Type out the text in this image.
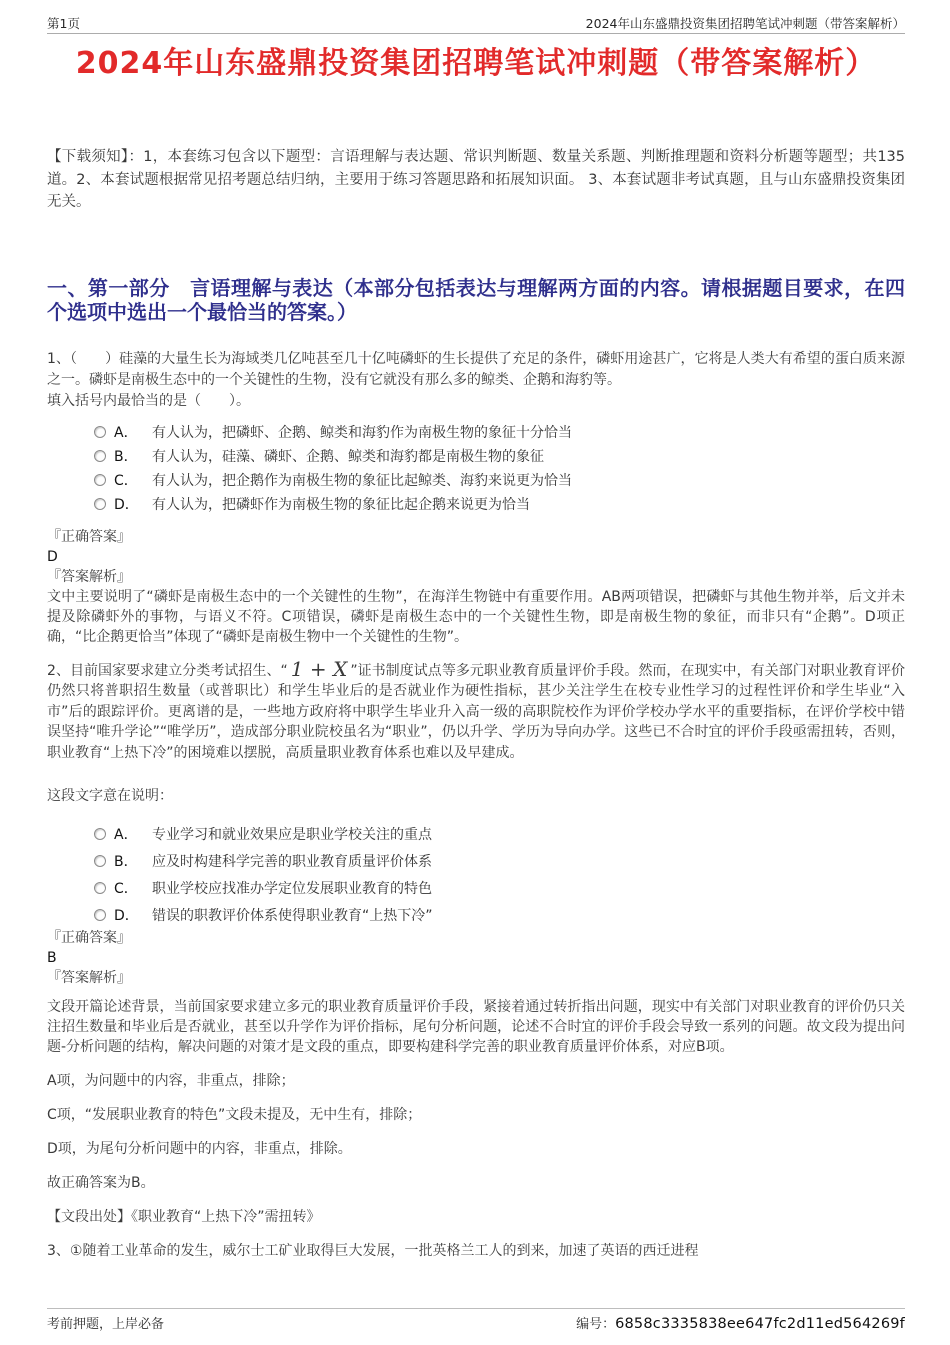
第1页	2024年山东盛鼎投资集团招聘笔试冲刺题（带答案解析）
2024年山东盛鼎投资集团招聘笔试冲刺题（带答案解析）

【下载须知】：1，本套练习包含以下题型：言语理解与表达题、常识判断题、数量关系题、判断推理题和资料分析题等题型；共135道。2、本套试题根据常见招考题总结归纳，主要用于练习答题思路和拓展知识面。 3、本套试题非考试真题，且与山东盛鼎投资集团无关。

一、第一部分　言语理解与表达（本部分包括表达与理解两方面的内容。请根据题目要求，在四个选项中选出一个最恰当的答案。）

1、（　　）硅藻的大量生长为海域类几亿吨甚至几十亿吨磷虾的生长提供了充足的条件，磷虾用途甚广，它将是人类大有希望的蛋白质来源之一。磷虾是南极生态中的一个关键性的生物，没有它就没有那么多的鲸类、企鹅和海豹等。

填入括号内最恰当的是（　　）。

A．	有人认为，把磷虾、企鹅、鲸类和海豹作为南极生物的象征十分恰当
B．	有人认为，硅藻、磷虾、企鹅、鲸类和海豹都是南极生物的象征
C．	有人认为，把企鹅作为南极生物的象征比起鲸类、海豹来说更为恰当
D． 有人认为，把磷虾作为南极生物的象征比起企鹅来说更为恰当

『正确答案』

D

『答案解析』

文中主要说明了“磷虾是南极生态中的一个关键性的生物”，在海洋生物链中有重要作用。AB两项错误，把磷虾与其他生物并举，后文并未提及除磷虾外的事物，与语义不符。C项错误，磷虾是南极生态中的一个关键性生物，即是南极生物的象征，而非只有“企鹅”。D项正确，“比企鹅更恰当”体现了“磷虾是南极生物中一个关键性的生物”。

2、目前国家要求建立分类考试招生、“ 1 + X ”证书制度试点等多元职业教育质量评价手段。然而，在现实中，有关部门对职业教育评价仍然只将普职招生数量（或普职比）和学生毕业后的是否就业作为硬性指标，甚少关注学生在校专业性学习的过程性评价和学生毕业“入市”后的跟踪评价。更离谱的是，一些地方政府将中职学生毕业升入高一级的高职院校作为评价学校办学水平的重要指标，在评价学校中错误坚持“唯升学论”“唯学历”，造成部分职业院校虽名为“职业”，仍以升学、学历为导向办学。这些已不合时宜的评价手段亟需扭转，否则，职业教育“上热下冷”的困境难以摆脱，高质量职业教育体系也难以及早建成。

这段文字意在说明：

A．	专业学习和就业效果应是职业学校关注的重点
B．	应及时构建科学完善的职业教育质量评价体系
C．	职业学校应找准办学定位发展职业教育的特色
D． 错误的职教评价体系使得职业教育“上热下冷”

『正确答案』

B

『答案解析』

文段开篇论述背景，当前国家要求建立多元的职业教育质量评价手段，紧接着通过转折指出问题，现实中有关部门对职业教育的评价仍只关注招生数量和毕业后是否就业，甚至以升学作为评价指标，尾句分析问题，论述不合时宜的评价手段会导致一系列的问题。故文段为提出问题-分析问题的结构，解决问题的对策才是文段的重点，即要构建科学完善的职业教育质量评价体系，对应B项。

A项，为问题中的内容，非重点，排除；

C项，“发展职业教育的特色”文段未提及，无中生有，排除；

D项，为尾句分析问题中的内容，非重点，排除。

故正确答案为B。

【文段出处】《职业教育“上热下冷”需扭转》

3、①随着工业革命的发生，威尔士工矿业取得巨大发展，一批英格兰工人的到来，加速了英语的西迁进程

考前押题，上岸必备	编号：6858c3335838ee647fc2d11ed564269f
